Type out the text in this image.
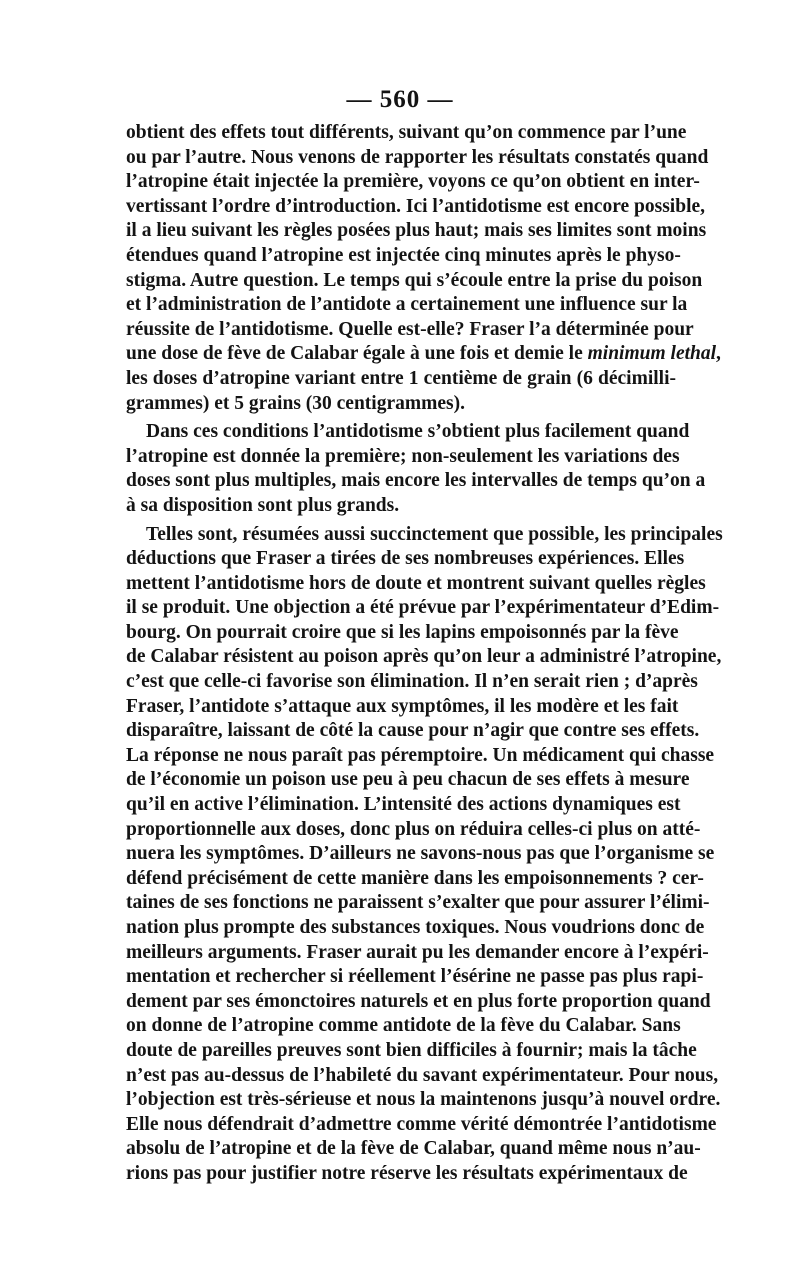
— 560 —
obtient des effets tout différents, suivant qu’on commence par l’une
ou par l’autre. Nous venons de rapporter les résultats constatés quand
l’atropine était injectée la première, voyons ce qu’on obtient en inter-
vertissant l’ordre d’introduction. Ici l’antidotisme est encore possible,
il a lieu suivant les règles posées plus haut; mais ses limites sont moins
étendues quand l’atropine est injectée cinq minutes après le physo-
stigma. Autre question. Le temps qui s’écoule entre la prise du poison
et l’administration de l’antidote a certainement une influence sur la
réussite de l’antidotisme. Quelle est-elle? Fraser l’a déterminée pour
une dose de fève de Calabar égale à une fois et demie le minimum lethal,
les doses d’atropine variant entre 1 centième de grain (6 décimilli-
grammes) et 5 grains (30 centigrammes).
Dans ces conditions l’antidotisme s’obtient plus facilement quand
l’atropine est donnée la première; non-seulement les variations des
doses sont plus multiples, mais encore les intervalles de temps qu’on a
à sa disposition sont plus grands.
Telles sont, résumées aussi succinctement que possible, les principales
déductions que Fraser a tirées de ses nombreuses expériences. Elles
mettent l’antidotisme hors de doute et montrent suivant quelles règles
il se produit. Une objection a été prévue par l’expérimentateur d’Edim-
bourg. On pourrait croire que si les lapins empoisonnés par la fève
de Calabar résistent au poison après qu’on leur a administré l’atropine,
c’est que celle-ci favorise son élimination. Il n’en serait rien ; d’après
Fraser, l’antidote s’attaque aux symptômes, il les modère et les fait
disparaître, laissant de côté la cause pour n’agir que contre ses effets.
La réponse ne nous paraît pas péremptoire. Un médicament qui chasse
de l’économie un poison use peu à peu chacun de ses effets à mesure
qu’il en active l’élimination. L’intensité des actions dynamiques est
proportionnelle aux doses, donc plus on réduira celles-ci plus on atté-
nuera les symptômes. D’ailleurs ne savons-nous pas que l’organisme se
défend précisément de cette manière dans les empoisonnements ? cer-
taines de ses fonctions ne paraissent s’exalter que pour assurer l’élimi-
nation plus prompte des substances toxiques. Nous voudrions donc de
meilleurs arguments. Fraser aurait pu les demander encore à l’expéri-
mentation et rechercher si réellement l’ésérine ne passe pas plus rapi-
dement par ses émonctoires naturels et en plus forte proportion quand
on donne de l’atropine comme antidote de la fève du Calabar. Sans
doute de pareilles preuves sont bien difficiles à fournir; mais la tâche
n’est pas au-dessus de l’habileté du savant expérimentateur. Pour nous,
l’objection est très-sérieuse et nous la maintenons jusqu’à nouvel ordre.
Elle nous défendrait d’admettre comme vérité démontrée l’antidotisme
absolu de l’atropine et de la fève de Calabar, quand même nous n’au-
rions pas pour justifier notre réserve les résultats expérimentaux de
